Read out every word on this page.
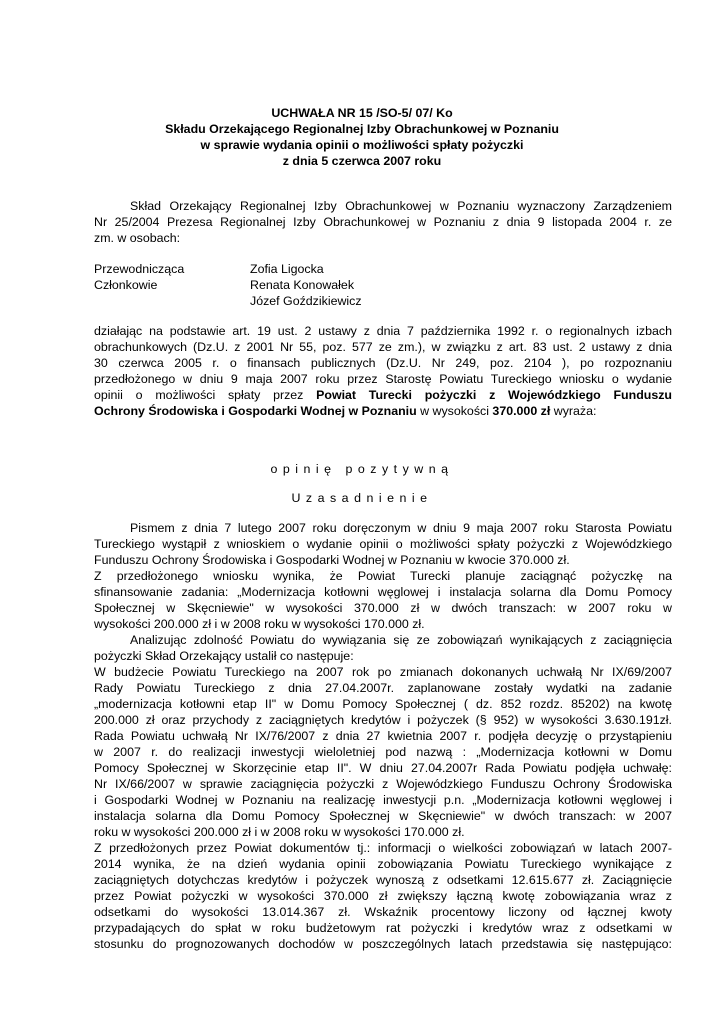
UCHWAŁA NR 15 /SO-5/ 07/ Ko
Składu Orzekającego Regionalnej Izby Obrachunkowej w Poznaniu
w sprawie wydania opinii o możliwości spłaty pożyczki
z dnia 5 czerwca 2007 roku
Skład Orzekający Regionalnej Izby Obrachunkowej w Poznaniu wyznaczony Zarządzeniem
Nr 25/2004 Prezesa Regionalnej Izby Obrachunkowej w Poznaniu z dnia 9 listopada 2004 r. ze
zm. w osobach:
Przewodnicząca	Zofia Ligocka
Członkowie	Renata Konowałek
Józef Goździkiewicz
działając na podstawie art. 19 ust. 2 ustawy z dnia 7 października 1992 r. o regionalnych izbach
obrachunkowych (Dz.U. z 2001 Nr 55, poz. 577 ze zm.), w związku z art. 83 ust. 2 ustawy z dnia
30 czerwca 2005 r. o finansach publicznych (Dz.U. Nr 249, poz. 2104 ), po rozpoznaniu
przedłożonego w dniu 9 maja 2007 roku przez Starostę Powiatu Tureckiego wniosku o wydanie
opinii o możliwości spłaty przez Powiat Turecki pożyczki z Wojewódzkiego Funduszu
Ochrony Środowiska i Gospodarki Wodnej w Poznaniu w wysokości 370.000 zł wyraża:
opinię pozytywną
Uzasadnienie
Pismem z dnia 7 lutego 2007 roku doręczonym w dniu 9 maja 2007 roku Starosta Powiatu
Tureckiego wystąpił z wnioskiem o wydanie opinii o możliwości spłaty pożyczki z Wojewódzkiego
Funduszu Ochrony Środowiska i Gospodarki Wodnej w Poznaniu w kwocie 370.000 zł.
Z przedłożonego wniosku wynika, że Powiat Turecki planuje zaciągnąć pożyczkę na
sfinansowanie zadania: „Modernizacja kotłowni węglowej i instalacja solarna dla Domu Pomocy
Społecznej w Skęcniewie" w wysokości 370.000 zł w dwóch transzach: w 2007 roku w
wysokości 200.000 zł i w 2008 roku w wysokości 170.000 zł.
Analizując zdolność Powiatu do wywiązania się ze zobowiązań wynikających z zaciągnięcia
pożyczki Skład Orzekający ustalił co następuje:
W budżecie Powiatu Tureckiego na 2007 rok po zmianach dokonanych uchwałą Nr IX/69/2007
Rady Powiatu Tureckiego z dnia 27.04.2007r. zaplanowane zostały wydatki na zadanie
„modernizacja kotłowni etap II" w Domu Pomocy Społecznej ( dz. 852 rozdz. 85202) na kwotę
200.000 zł oraz przychody z zaciągniętych kredytów i pożyczek (§ 952) w wysokości 3.630.191zł.
Rada Powiatu uchwałą Nr IX/76/2007 z dnia 27 kwietnia 2007 r. podjęła decyzję o przystąpieniu
w 2007 r. do realizacji inwestycji wieloletniej pod nazwą : „Modernizacja kotłowni w Domu
Pomocy Społecznej w Skorzęcinie etap II". W dniu 27.04.2007r Rada Powiatu podjęła uchwałę:
Nr IX/66/2007 w sprawie zaciągnięcia pożyczki z Wojewódzkiego Funduszu Ochrony Środowiska
i Gospodarki Wodnej w Poznaniu na realizację inwestycji p.n. „Modernizacja kotłowni węglowej i
instalacja solarna dla Domu Pomocy Społecznej w Skęcniewie" w dwóch transzach: w 2007
roku w wysokości 200.000 zł i w 2008 roku w wysokości 170.000 zł.
Z przedłożonych przez Powiat dokumentów tj.: informacji o wielkości zobowiązań w latach 2007-
2014 wynika, że na dzień wydania opinii zobowiązania Powiatu Tureckiego wynikające z
zaciągniętych dotychczas kredytów i pożyczek wynoszą z odsetkami 12.615.677 zł. Zaciągnięcie
przez Powiat pożyczki w wysokości 370.000 zł zwiększy łączną kwotę zobowiązania wraz z
odsetkami do wysokości 13.014.367 zł. Wskaźnik procentowy liczony od łącznej kwoty
przypadających do spłat w roku budżetowym rat pożyczki i kredytów wraz z odsetkami w
stosunku do prognozowanych dochodów w poszczególnych latach przedstawia się następująco:
